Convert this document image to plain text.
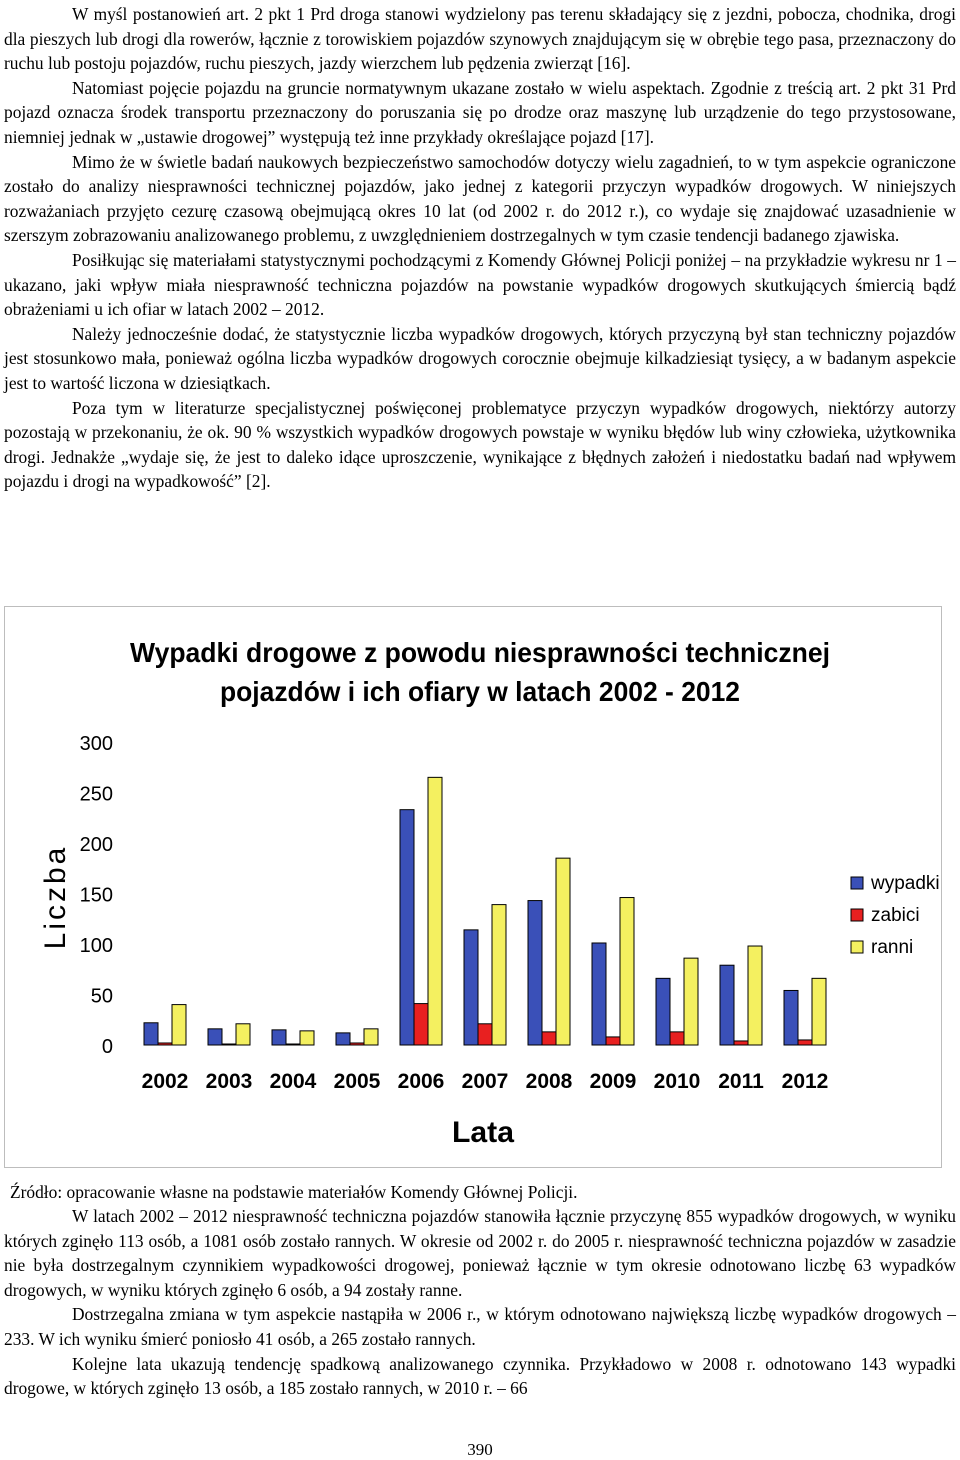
W myśl postanowień art. 2 pkt 1 Prd droga stanowi wydzielony pas terenu składający się z jezdni, pobocza, chodnika, drogi dla pieszych lub drogi dla rowerów, łącznie z torowiskiem pojazdów szynowych znajdującym się w obrębie tego pasa, przeznaczony do ruchu lub postoju pojazdów, ruchu pieszych, jazdy wierzchem lub pędzenia zwierząt [16].

Natomiast pojęcie pojazdu na gruncie normatywnym ukazane zostało w wielu aspektach. Zgodnie z treścią art. 2 pkt 31 Prd pojazd oznacza środek transportu przeznaczony do poruszania się po drodze oraz maszynę lub urządzenie do tego przystosowane, niemniej jednak w „ustawie drogowej” występują też inne przykłady określające pojazd [17].

Mimo że w świetle badań naukowych bezpieczeństwo samochodów dotyczy wielu zagadnień, to w tym aspekcie ograniczone zostało do analizy niesprawności technicznej pojazdów, jako jednej z kategorii przyczyn wypadków drogowych. W niniejszych rozważaniach przyjęto cezurę czasową obejmującą okres 10 lat (od 2002 r. do 2012 r.), co wydaje się znajdować uzasadnienie w szerszym zobrazowaniu analizowanego problemu, z uwzględnieniem dostrzegalnych w tym czasie tendencji badanego zjawiska.

Posiłkując się materiałami statystycznymi pochodzącymi z Komendy Głównej Policji poniżej – na przykładzie wykresu nr 1 – ukazano, jaki wpływ miała niesprawność techniczna pojazdów na powstanie wypadków drogowych skutkujących śmiercią bądź obrażeniami u ich ofiar w latach 2002 – 2012.

Należy jednocześnie dodać, że statystycznie liczba wypadków drogowych, których przyczyną był stan techniczny pojazdów jest stosunkowo mała, ponieważ ogólna liczba wypadków drogowych corocznie obejmuje kilkadziesiąt tysięcy, a w badanym aspekcie jest to wartość liczona w dziesiątkach.

Poza tym w literaturze specjalistycznej poświęconej problematyce przyczyn wypadków drogowych, niektórzy autorzy pozostają w przekonaniu, że ok. 90 % wszystkich wypadków drogowych powstaje w wyniku błędów lub winy człowieka, użytkownika drogi. Jednakże „wydaje się, że jest to daleko idące uproszczenie, wynikające z błędnych założeń i niedostatku badań nad wpływem pojazdu i drogi na wypadkowość” [2].

Wypadki drogowe z powodu niesprawności technicznej
pojazdów i ich ofiary w latach 2002 - 2012
Liczba
Lata
0
50
100
150
200
250
300
2002 2003 2004 2005 2006 2007 2008 2009 2010 2011 2012
wypadki
zabici
ranni
Źródło: opracowanie własne na podstawie materiałów Komendy Głównej Policji.

W latach 2002 – 2012 niesprawność techniczna pojazdów stanowiła łącznie przyczynę 855 wypadków drogowych, w wyniku których zginęło 113 osób, a 1081 osób zostało rannych. W okresie od 2002 r. do 2005 r. niesprawność techniczna pojazdów w zasadzie nie była dostrzegalnym czynnikiem wypadkowości drogowej, ponieważ łącznie w tym okresie odnotowano liczbę 63 wypadków drogowych, w wyniku których zginęło 6 osób, a 94 zostały ranne.

Dostrzegalna zmiana w tym aspekcie nastąpiła w 2006 r., w którym odnotowano największą liczbę wypadków drogowych – 233. W ich wyniku śmierć poniosło 41 osób, a 265 zostało rannych.

Kolejne lata ukazują tendencję spadkową analizowanego czynnika. Przykładowo w 2008 r. odnotowano 143 wypadki drogowe, w których zginęło 13 osób, a 185 zostało rannych, w 2010 r. – 66

390
